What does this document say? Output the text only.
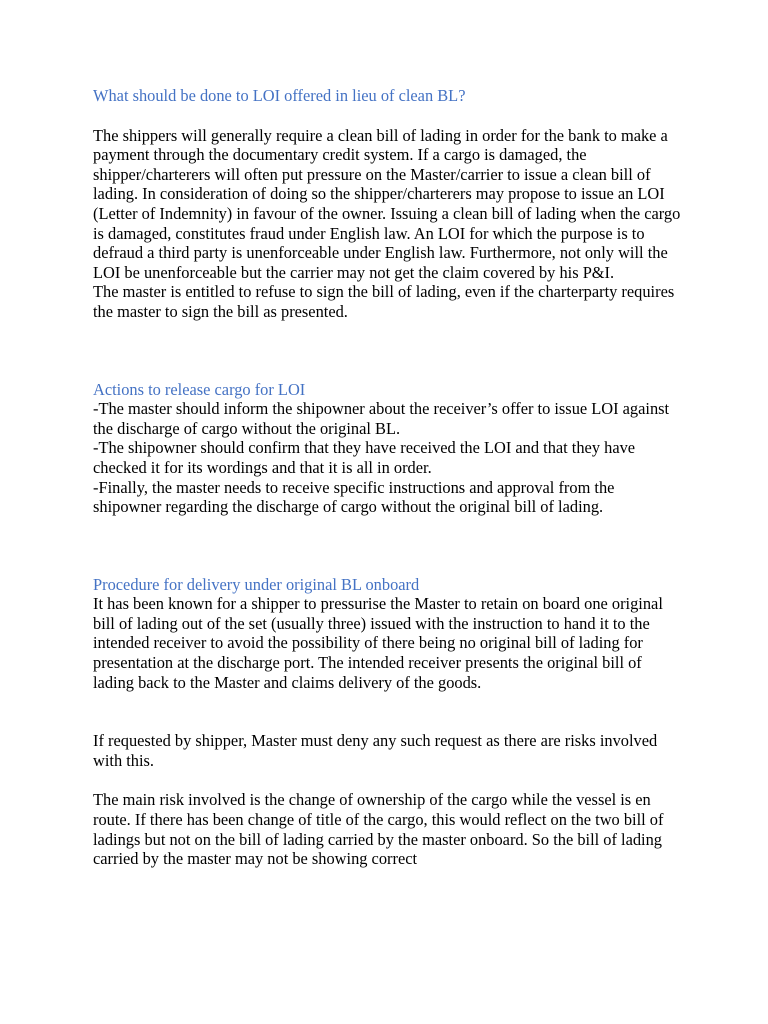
What should be done to LOI offered in lieu of clean BL?

The shippers will generally require a clean bill of lading in order for the bank to make a payment through the documentary credit system. If a cargo is damaged, the shipper/charterers will often put pressure on the Master/carrier to issue a clean bill of lading. In consideration of doing so the shipper/charterers may propose to issue an LOI (Letter of Indemnity) in favour of the owner. Issuing a clean bill of lading when the cargo is damaged, constitutes fraud under English law. An LOI for which the purpose is to defraud a third party is unenforceable under English law. Furthermore, not only will the LOI be unenforceable but the carrier may not get the claim covered by his P&I.

The master is entitled to refuse to sign the bill of lading, even if the charterparty requires the master to sign the bill as presented.

Actions to release cargo for LOI

-The master should inform the shipowner about the receiver’s offer to issue LOI against the discharge of cargo without the original BL.

-The shipowner should confirm that they have received the LOI and that they have checked it for its wordings and that it is all in order.

-Finally, the master needs to receive specific instructions and approval from the shipowner regarding the discharge of cargo without the original bill of lading.

Procedure for delivery under original BL onboard

It has been known for a shipper to pressurise the Master to retain on board one original bill of lading out of the set (usually three) issued with the instruction to hand it to the intended receiver to avoid the possibility of there being no original bill of lading for presentation at the discharge port. The intended receiver presents the original bill of lading back to the Master and claims delivery of the goods.

If requested by shipper, Master must deny any such request as there are risks involved with this.

The main risk involved is the change of ownership of the cargo while the vessel is en route. If there has been change of title of the cargo, this would reflect on the two bill of ladings but not on the bill of lading carried by the master onboard. So the bill of lading carried by the master may not be showing correct
